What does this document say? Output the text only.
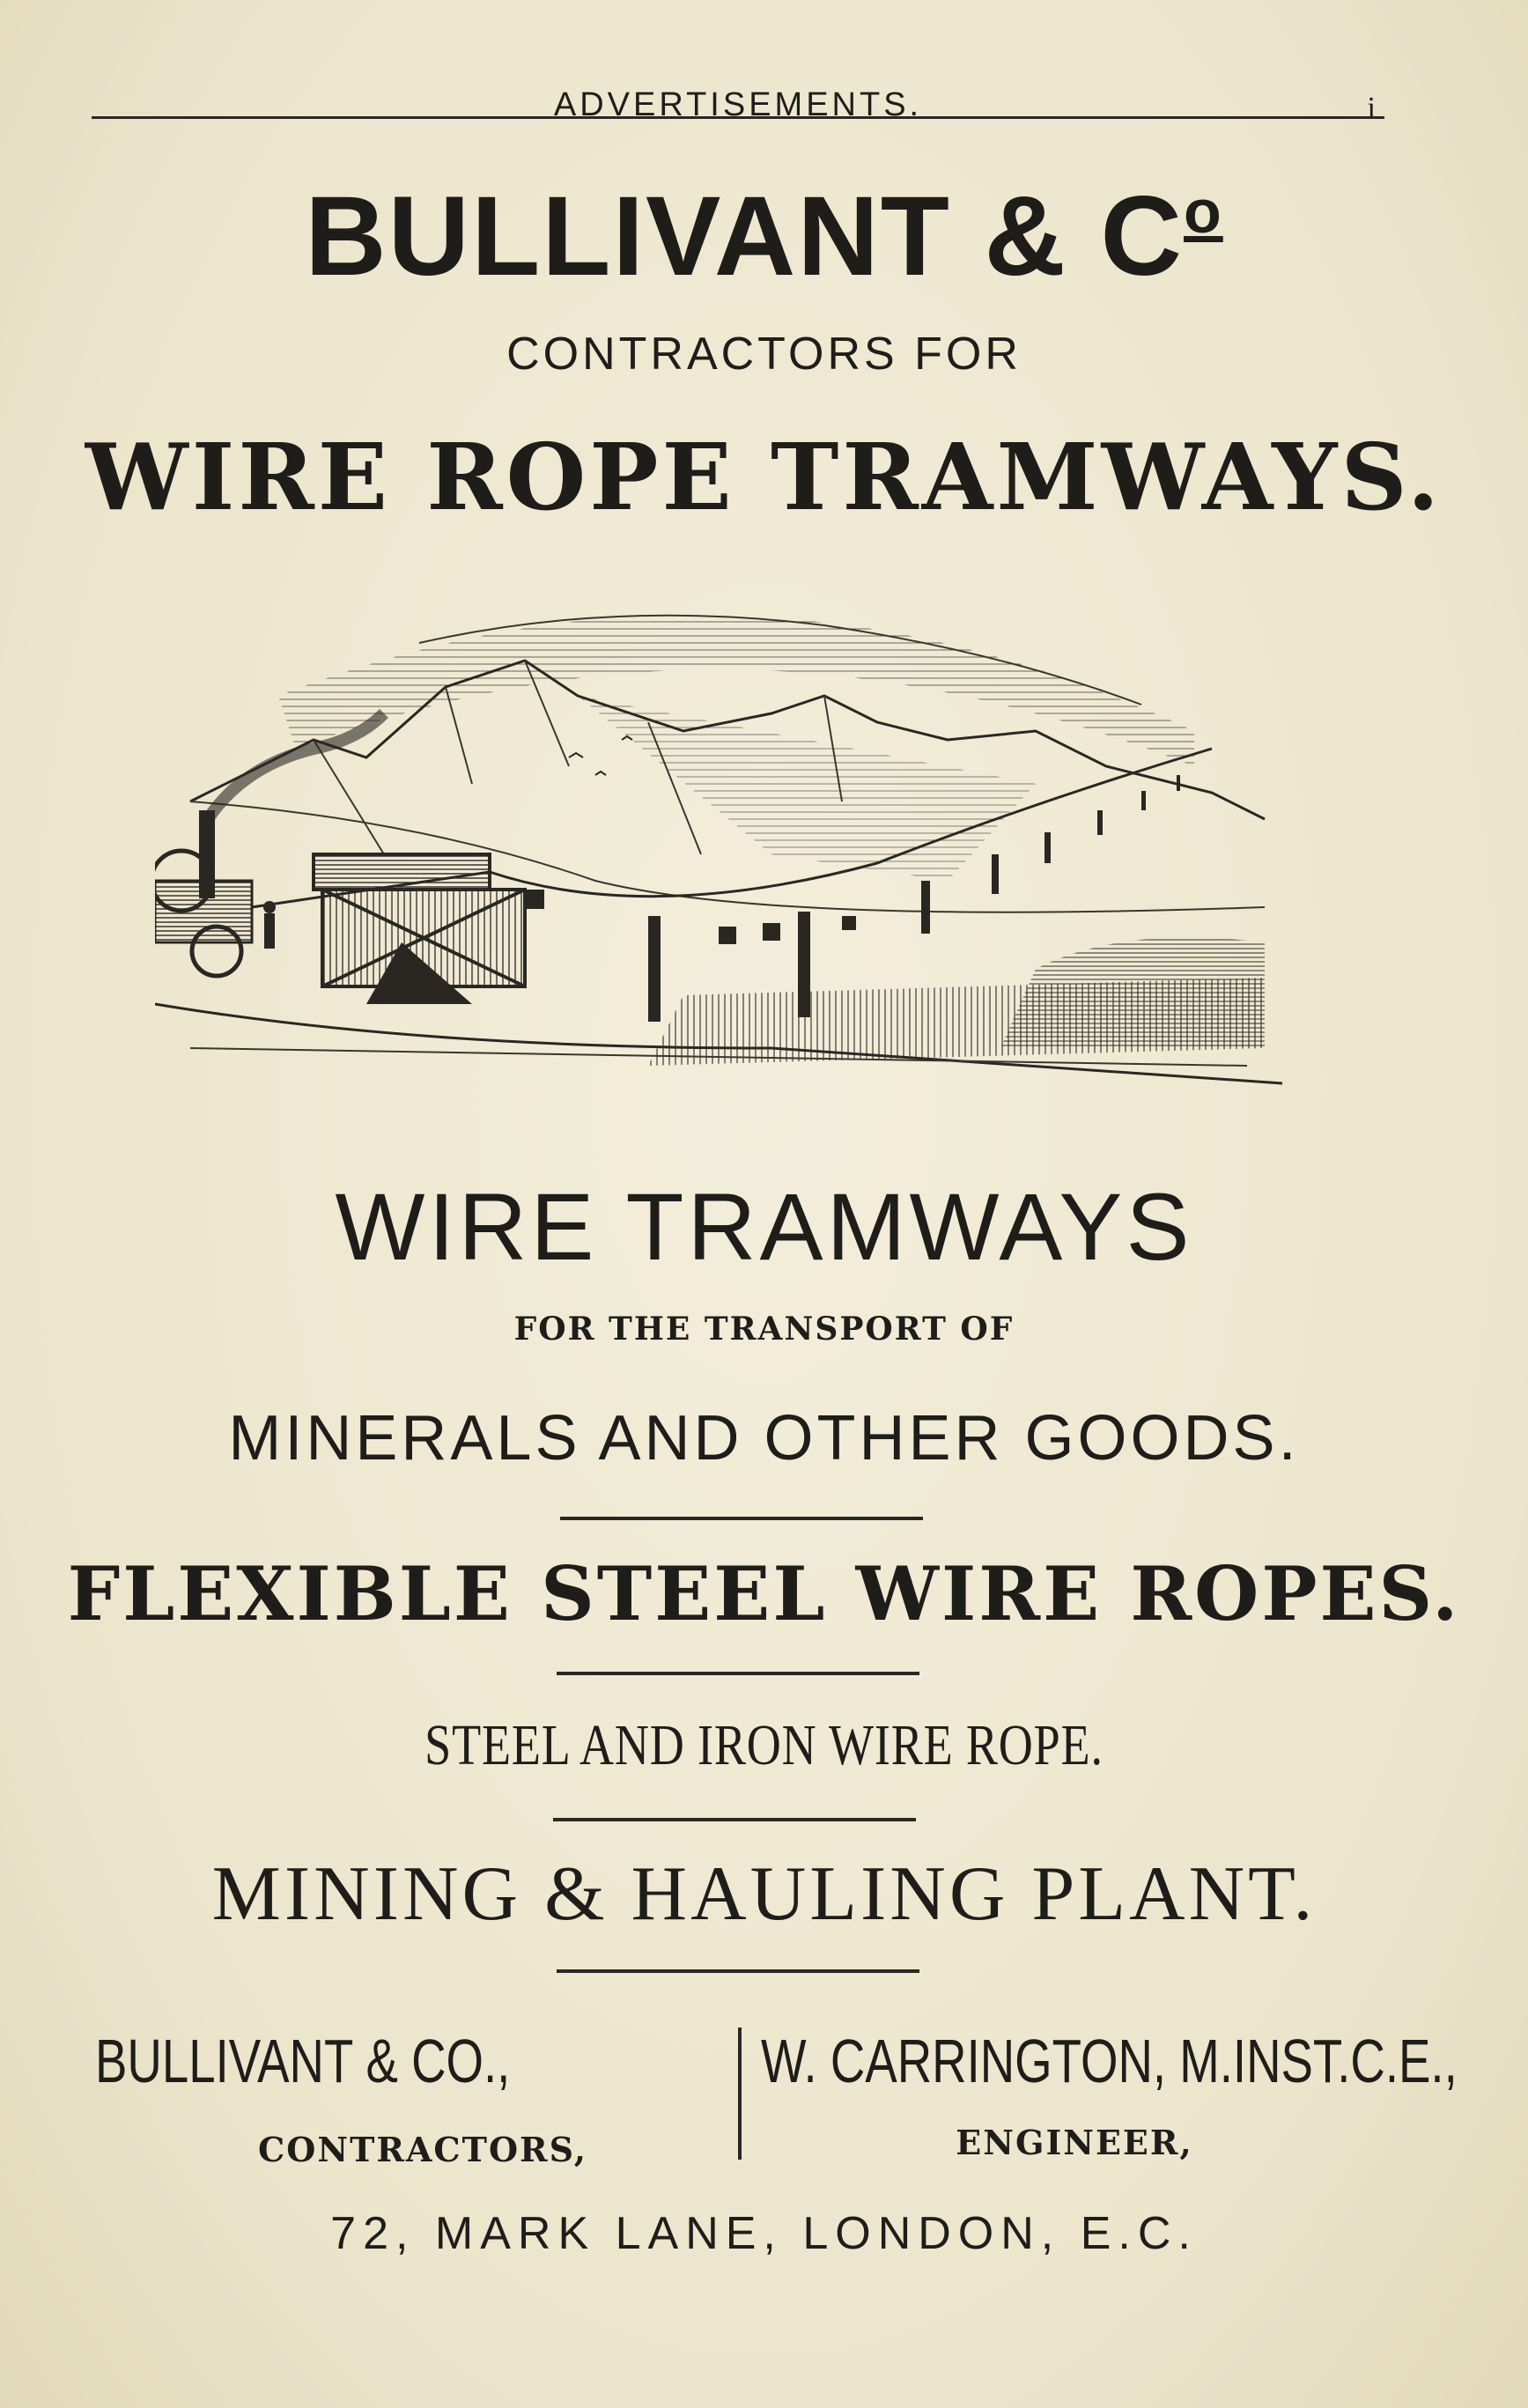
ADVERTISEMENTS.	i
BULLIVANT & $C^o$
CONTRACTORS FOR
WIRE ROPE TRAMWAYS.
WIRE TRAMWAYS
FOR THE TRANSPORT OF
MINERALS AND OTHER GOODS.
FLEXIBLE STEEL WIRE ROPES.
STEEL AND IRON WIRE ROPE.
MINING & HAULING PLANT.
BULLIVANT & CO.,
CONTRACTORS,
W. CARRINGTON, M.INST.C.E.,
ENGINEER,
72, MARK LANE, LONDON, E.C.
